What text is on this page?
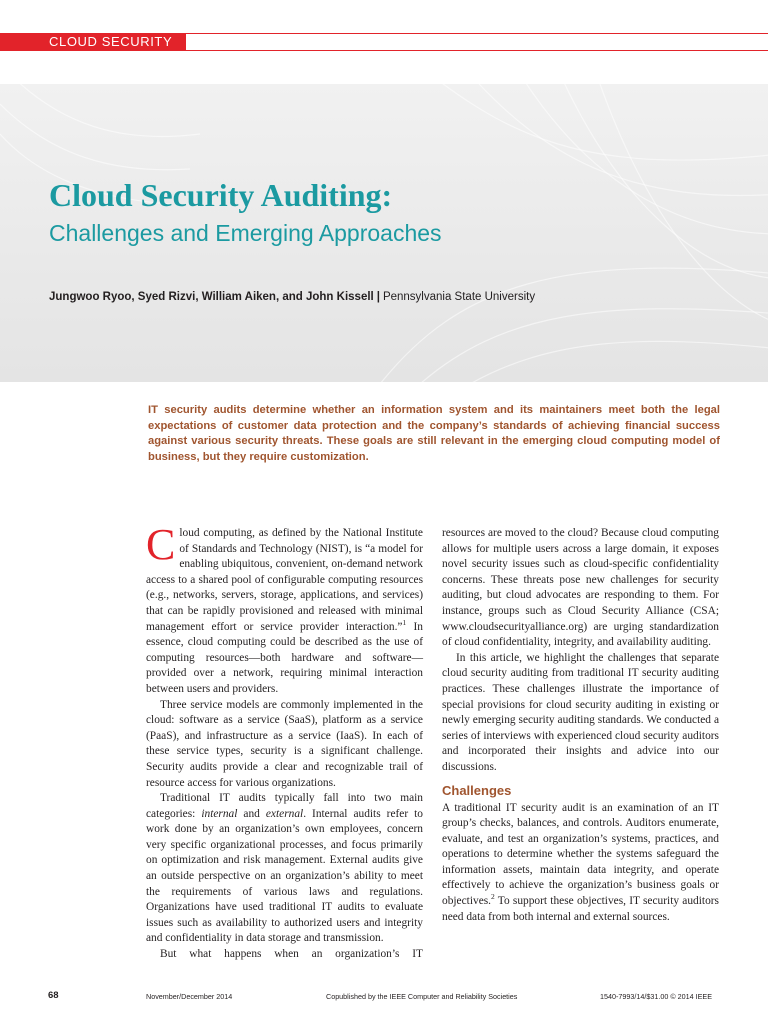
CLOUD SECURITY
Cloud Security Auditing:
Challenges and Emerging Approaches
Jungwoo Ryoo, Syed Rizvi, William Aiken, and John Kissell | Pennsylvania State University

IT security audits determine whether an information system and its maintainers meet both the legal expectations of customer data protection and the company’s standards of achieving financial success against various security threats. These goals are still relevant in the emerging cloud computing model of business, but they require customization.

Cloud computing, as defined by the National Institute of Standards and Technology (NIST), is “a model for enabling ubiquitous, convenient, on-demand network access to a shared pool of configurable computing resources (e.g., networks, servers, storage, applications, and services) that can be rapidly provisioned and released with minimal management effort or service provider interaction.”$^1$ In essence, cloud computing could be described as the use of computing resources—both hardware and software—provided over a network, requiring minimal interaction between users and providers.

Three service models are commonly implemented in the cloud: software as a service (SaaS), platform as a service (PaaS), and infrastructure as a service (IaaS). In each of these service types, security is a significant challenge. Security audits provide a clear and recognizable trail of resource access for various organizations.

Traditional IT audits typically fall into two main categories: internal and external. Internal audits refer to work done by an organization’s own employees, concern very specific organizational processes, and focus primarily on optimization and risk management. External audits give an outside perspective on an organization’s ability to meet the requirements of various laws and regulations. Organizations have used traditional IT audits to evaluate issues such as availability to authorized users and integrity and confidentiality in data storage and transmission.

But what happens when an organization’s IT

resources are moved to the cloud? Because cloud computing allows for multiple users across a large domain, it exposes novel security issues such as cloud-specific confidentiality concerns. These threats pose new challenges for security auditing, but cloud advocates are responding to them. For instance, groups such as Cloud Security Alliance (CSA; www.cloudsecurityalliance.org) are urging standardization of cloud confidentiality, integrity, and availability auditing.

In this article, we highlight the challenges that separate cloud security auditing from traditional IT security auditing practices. These challenges illustrate the importance of special provisions for cloud security auditing in existing or newly emerging security auditing standards. We conducted a series of interviews with experienced cloud security auditors and incorporated their insights and advice into our discussions.

Challenges

A traditional IT security audit is an examination of an IT group’s checks, balances, and controls. Auditors enumerate, evaluate, and test an organization’s systems, practices, and operations to determine whether the systems safeguard the information assets, maintain data integrity, and operate effectively to achieve the organization’s business goals or objectives.$^2$ To support these objectives, IT security auditors need data from both internal and external sources.

68	November/December 2014	Copublished by the IEEE Computer and Reliability Societies	1540-7993/14/$31.00 © 2014 IEEE
